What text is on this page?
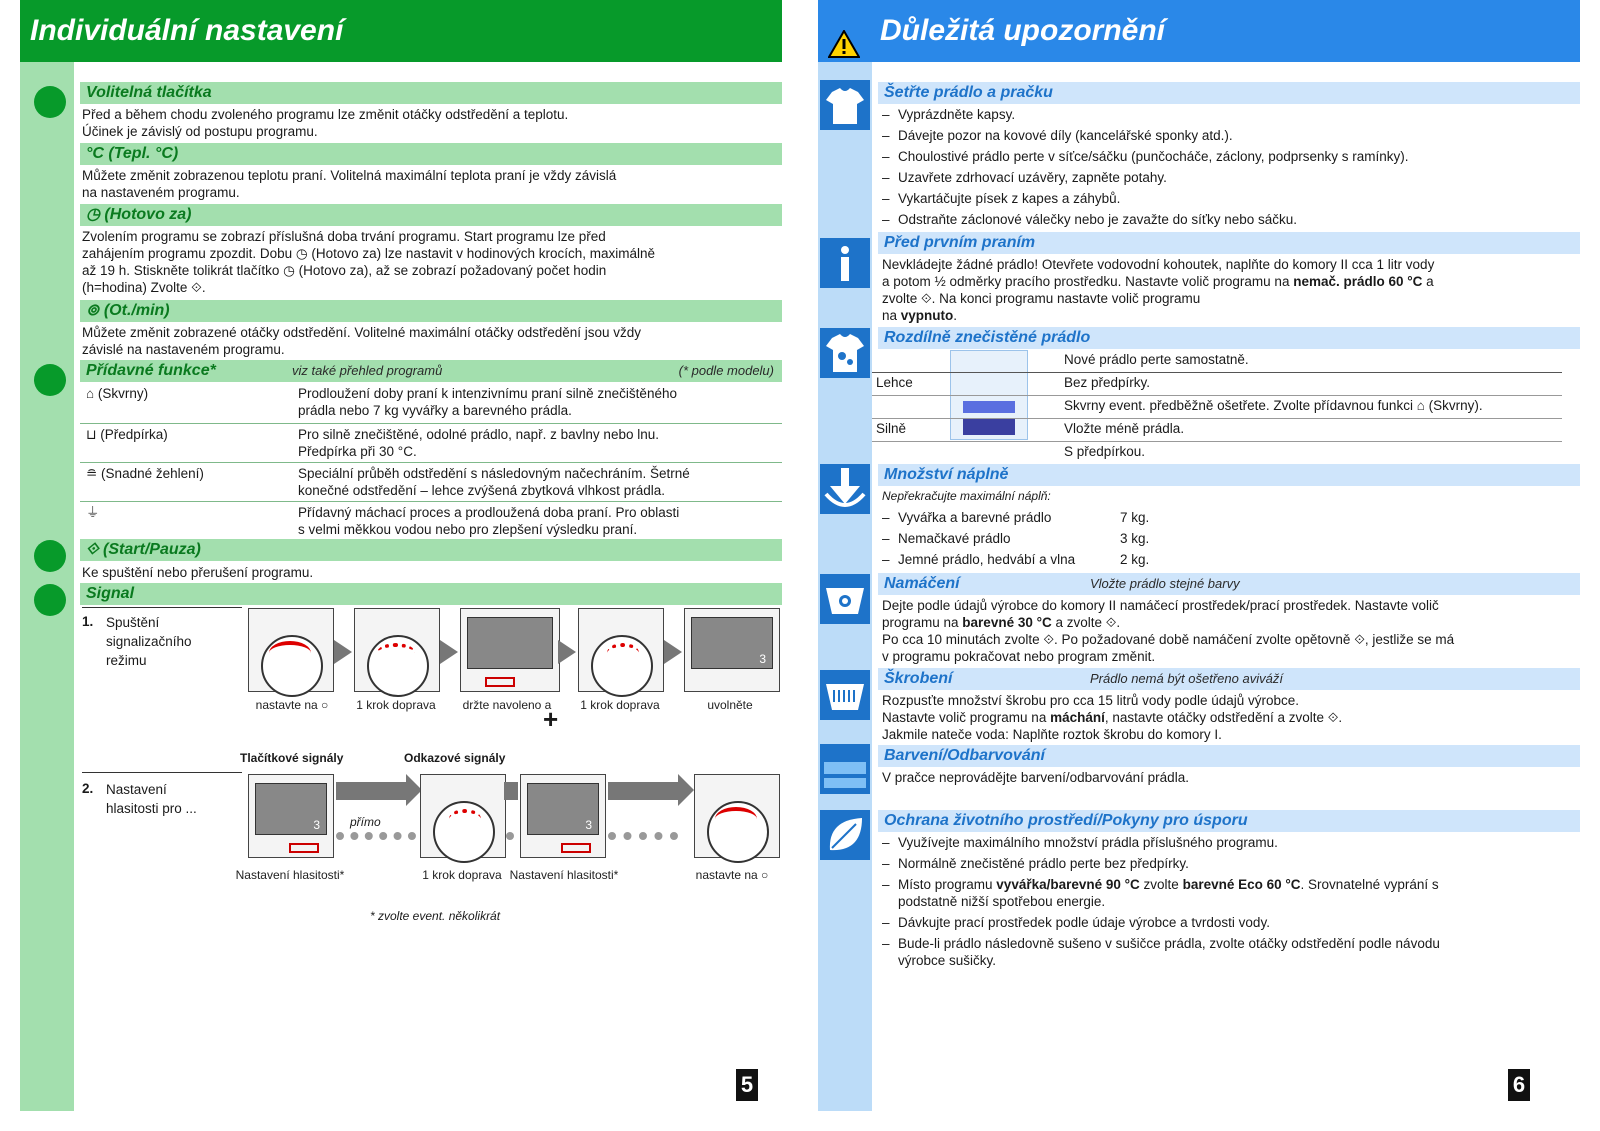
Individuální nastavení
Volitelná tlačítka
Před a během chodu zvoleného programu lze změnit otáčky odstředění a teplotu.
Účinek je závislý od postupu programu.
°C (Tepl. °C)
Můžete změnit zobrazenou teplotu praní. Volitelná maximální teplota praní je vždy závislá
na nastaveném programu.
◷ (Hotovo za)
Zvolením programu se zobrazí příslušná doba trvání programu. Start programu lze před
zahájením programu zpozdit. Dobu ◷ (Hotovo za) lze nastavit v hodinových krocích, maximálně
až 19 h. Stiskněte tolikrát tlačítko ◷ (Hotovo za), až se zobrazí požadovaný počet hodin
(h=hodina) Zvolte ⟐.
⊚ (Ot./min)
Můžete změnit zobrazené otáčky odstředění. Volitelné maximální otáčky odstředění jsou vždy
závislé na nastaveném programu.
Přídavné funkce*	viz také přehled programů	(* podle modelu)
⌂ (Skvrny)	Prodloužení doby praní k intenzivnímu praní silně znečištěného
prádla nebo 7 kg vyvářky a barevného prádla.
⊔ (Předpírka)	Pro silně znečištěné, odolné prádlo, např. z bavlny nebo lnu.
Předpírka při 30 °C.
≘ (Snadné žehlení)	Speciální průběh odstředění s následovným načechráním. Šetrné
konečné odstředění – lehce zvýšená zbytková vlhkost prádla.
⏚	Přídavný máchací proces a prodloužená doba praní. Pro oblasti
s velmi měkkou vodou nebo pro zlepšení výsledku praní.
⟐ (Start/Pauza)
Ke spuštění nebo přerušení programu.
Signal
1. Spuštění
signalizačního
režimu	3
nastavte na ○	1 krok doprava	držte navoleno a	1 krok doprava	uvolněte
+
Tlačítkové signály	Odkazové signály
2. Nastavení
hlasitosti pro ...
3	přímo	3
Nastavení hlasitosti*	1 krok doprava Nastavení hlasitosti*	nastavte na ○
* zvolte event. několikrát
5
Důležitá upozornění
Šetřte prádlo a pračku
– Vyprázdněte kapsy.
– Dávejte pozor na kovové díly (kancelářské sponky atd.).
– Choulostivé prádlo perte v síťce/sáčku (punčocháče, záclony, podprsenky s ramínky).
– Uzavřete zdrhovací uzávěry, zapněte potahy.
– Vykartáčujte písek z kapes a záhybů.
– Odstraňte záclonové válečky nebo je zavažte do síťky nebo sáčku.
Před prvním praním
Nevkládejte žádné prádlo! Otevřete vodovodní kohoutek, naplňte do komory II cca 1 litr vody
a potom ½ odměrky pracího prostředku. Nastavte volič programu na nemač. prádlo 60 °C a
zvolte ⟐. Na konci programu nastavte volič programu
na vypnuto.
Rozdílně znečistěné prádlo
Nové prádlo perte samostatně.
Lehce	Bez předpírky.
Skvrny event. předběžně ošetřete. Zvolte přídavnou funkci ⌂ (Skvrny).
Silně	Vložte méně prádla.
S předpírkou.
Množství náplně
Nepřekračujte maximální náplň:
– Vyvářka a barevné prádlo	7 kg.
– Nemačkavé prádlo	3 kg.
– Jemné prádlo, hedvábí a vlna	2 kg.
Namáčení	Vložte prádlo stejné barvy
Dejte podle údajů výrobce do komory II namáčecí prostředek/prací prostředek. Nastavte volič
programu na barevné 30 °C a zvolte ⟐.
Po cca 10 minutách zvolte ⟐. Po požadované době namáčení zvolte opětovně ⟐, jestliže se má
v programu pokračovat nebo program změnit.
Škrobení	Prádlo nemá být ošetřeno aviváží
Rozpusťte množství škrobu pro cca 15 litrů vody podle údajů výrobce.
Nastavte volič programu na máchání, nastavte otáčky odstředění a zvolte ⟐.
Jakmile nateče voda: Naplňte roztok škrobu do komory I.
Barvení/Odbarvování
V pračce neprovádějte barvení/odbarvování prádla.
Ochrana životního prostředí/Pokyny pro úsporu
– Využívejte maximálního množství prádla příslušného programu.
– Normálně znečistěné prádlo perte bez předpírky.
– Místo programu vyvářka/barevné 90 °C zvolte barevné Eco 60 °C. Srovnatelné vyprání s
podstatně nižší spotřebou energie.
– Dávkujte prací prostředek podle údaje výrobce a tvrdosti vody.
– Bude-li prádlo následovně sušeno v sušičce prádla, zvolte otáčky odstředění podle návodu
výrobce sušičky.
6
